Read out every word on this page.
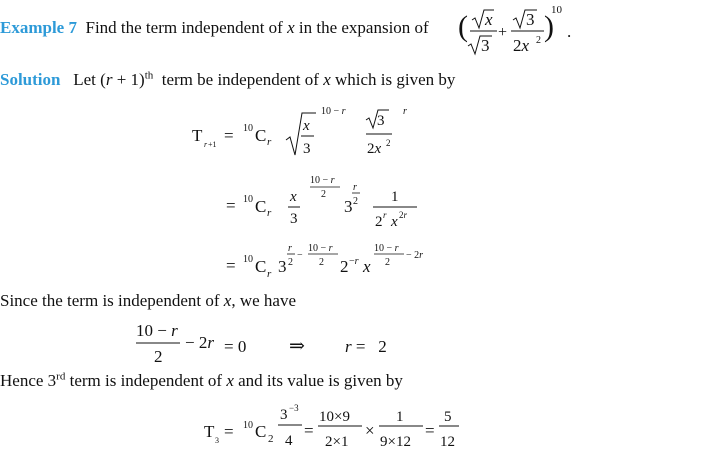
Example 7  Find the term independent of x in the expansion of
Solution   Let $(r + 1)^{th}$  term be independent of x which is given by
Since the term is independent of x, we have
Hence 3rd term is independent of x and its value is given by
( x
3
+
3
2x 2 )
10
.
T r +1 = 10 C r
x
3
10 − r
3
2x 2
r
= 10 C r
x
3
10 − r
2
3
r
2 1
2 r x 2r
= 10 C r 3
r
2
−
10 − r
2 2 −r x
10 − r
2
− 2r
10 − r
2
− 2r = 0 ⇒ r =   2
T 3 = 10 C 2
3 −3
4
=
10×9
2×1
×
1
9×12
=
5
12
